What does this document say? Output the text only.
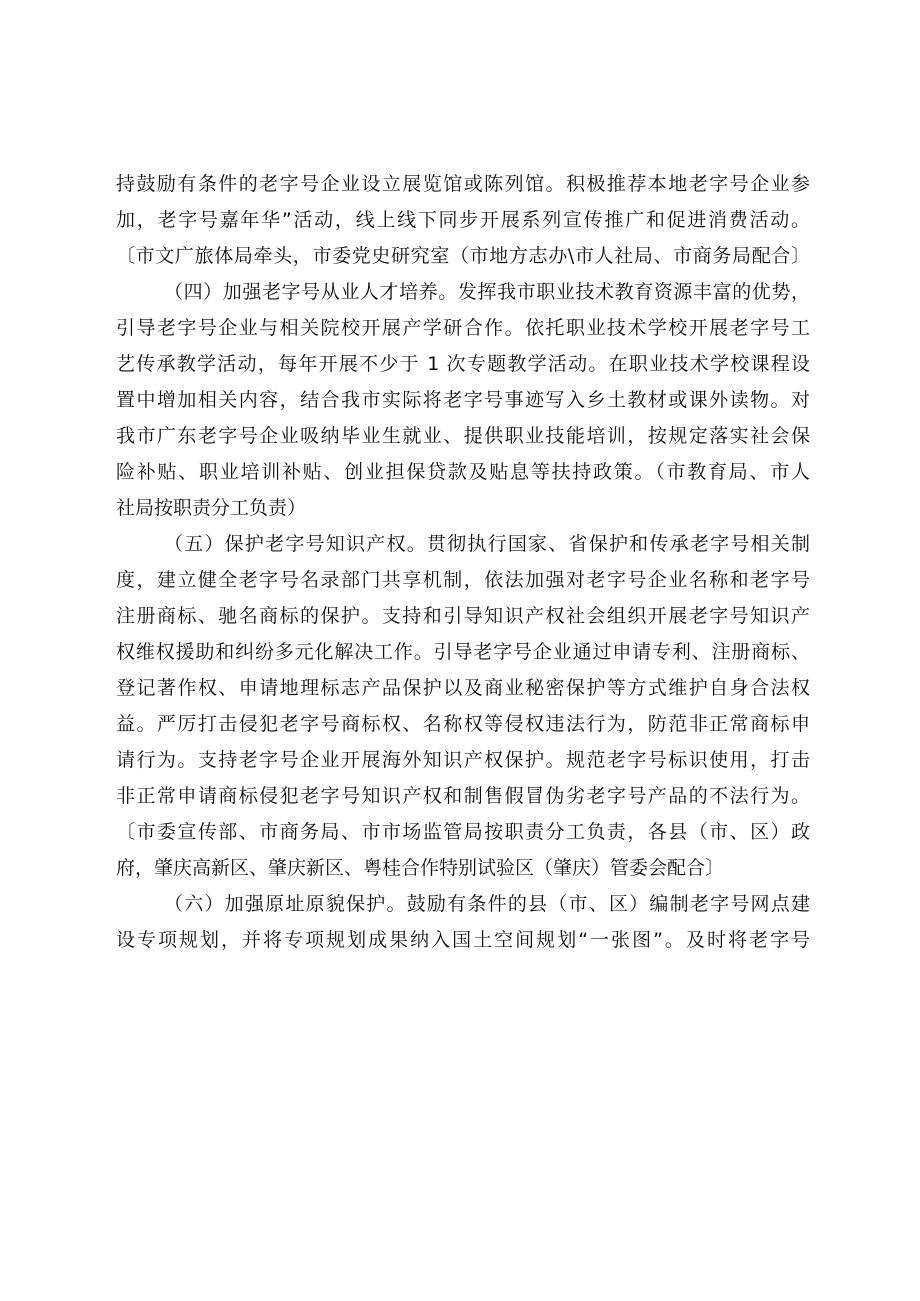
持鼓励有条件的老字号企业设立展览馆或陈列馆。积极推荐本地老字号企业参
加，老字号嘉年华”活动，线上线下同步开展系列宣传推广和促进消费活动。
〔市文广旅体局牵头，市委党史研究室（市地方志办\市人社局、市商务局配合〕
（四）加强老字号从业人才培养。发挥我市职业技术教育资源丰富的优势，
引导老字号企业与相关院校开展产学研合作。依托职业技术学校开展老字号工
艺传承教学活动，每年开展不少于 1 次专题教学活动。在职业技术学校课程设
置中增加相关内容，结合我市实际将老字号事迹写入乡土教材或课外读物。对
我市广东老字号企业吸纳毕业生就业、提供职业技能培训，按规定落实社会保
险补贴、职业培训补贴、创业担保贷款及贴息等扶持政策。（市教育局、市人
社局按职责分工负责）
（五）保护老字号知识产权。贯彻执行国家、省保护和传承老字号相关制
度，建立健全老字号名录部门共享机制，依法加强对老字号企业名称和老字号
注册商标、驰名商标的保护。支持和引导知识产权社会组织开展老字号知识产
权维权援助和纠纷多元化解决工作。引导老字号企业通过申请专利、注册商标、
登记著作权、申请地理标志产品保护以及商业秘密保护等方式维护自身合法权
益。严厉打击侵犯老字号商标权、名称权等侵权违法行为，防范非正常商标申
请行为。支持老字号企业开展海外知识产权保护。规范老字号标识使用，打击
非正常申请商标侵犯老字号知识产权和制售假冒伪劣老字号产品的不法行为。
〔市委宣传部、市商务局、市市场监管局按职责分工负责，各县（市、区）政
府，肇庆高新区、肇庆新区、粤桂合作特别试验区（肇庆）管委会配合〕
（六）加强原址原貌保护。鼓励有条件的县（市、区）编制老字号网点建
设专项规划，并将专项规划成果纳入国土空间规划“一张图”。及时将老字号
